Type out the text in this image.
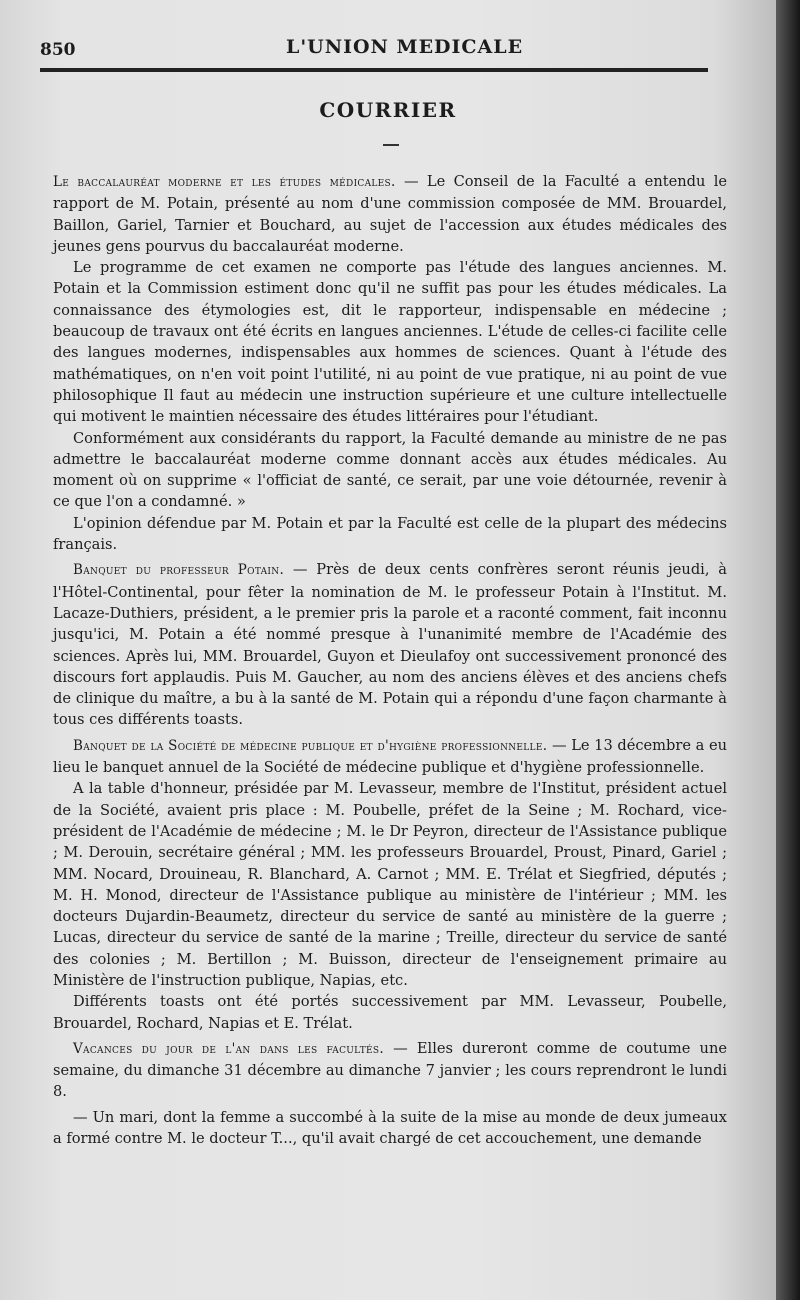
850	L'UNION MEDICALE
COURRIER

Le baccalauréat moderne et les études médicales. — Le Conseil de la Faculté a entendu le rapport de M. Potain, présenté au nom d'une commission composée de MM. Brouardel, Baillon, Gariel, Tarnier et Bouchard, au sujet de l'accession aux études médicales des jeunes gens pourvus du baccalauréat moderne.

Le programme de cet examen ne comporte pas l'étude des langues anciennes. M. Potain et la Commission estiment donc qu'il ne suffit pas pour les études médicales. La connaissance des étymologies est, dit le rapporteur, indispensable en médecine ; beaucoup de travaux ont été écrits en langues anciennes. L'étude de celles-ci facilite celle des langues modernes, indispensables aux hommes de sciences. Quant à l'étude des mathématiques, on n'en voit point l'utilité, ni au point de vue pratique, ni au point de vue philosophique Il faut au médecin une instruction supérieure et une culture intellectuelle qui motivent le maintien nécessaire des études littéraires pour l'étudiant.

Conformément aux considérants du rapport, la Faculté demande au ministre de ne pas admettre le baccalauréat moderne comme donnant accès aux études médicales. Au moment où on supprime « l'officiat de santé, ce serait, par une voie détournée, revenir à ce que l'on a condamné. »

L'opinion défendue par M. Potain et par la Faculté est celle de la plupart des médecins français.

Banquet du professeur Potain. — Près de deux cents confrères seront réunis jeudi, à l'Hôtel-Continental, pour fêter la nomination de M. le professeur Potain à l'Institut. M. Lacaze-Duthiers, président, a le premier pris la parole et a raconté comment, fait inconnu jusqu'ici, M. Potain a été nommé presque à l'unanimité membre de l'Académie des sciences. Après lui, MM. Brouardel, Guyon et Dieulafoy ont successivement prononcé des discours fort applaudis. Puis M. Gaucher, au nom des anciens élèves et des anciens chefs de clinique du maître, a bu à la santé de M. Potain qui a répondu d'une façon charmante à tous ces différents toasts.

Banquet de la Société de médecine publique et d'hygiène professionnelle. — Le 13 décembre a eu lieu le banquet annuel de la Société de médecine publique et d'hygiène professionnelle.

A la table d'honneur, présidée par M. Levasseur, membre de l'Institut, président actuel de la Société, avaient pris place : M. Poubelle, préfet de la Seine ; M. Rochard, vice-président de l'Académie de médecine ; M. le Dr Peyron, directeur de l'Assistance publique ; M. Derouin, secrétaire général ; MM. les professeurs Brouardel, Proust, Pinard, Gariel ; MM. Nocard, Drouineau, R. Blanchard, A. Carnot ; MM. E. Trélat et Siegfried, députés ; M. H. Monod, directeur de l'Assistance publique au ministère de l'intérieur ; MM. les docteurs Dujardin-Beaumetz, directeur du service de santé au ministère de la guerre ; Lucas, directeur du service de santé de la marine ; Treille, directeur du service de santé des colonies ; M. Bertillon ; M. Buisson, directeur de l'enseignement primaire au Ministère de l'instruction publique, Napias, etc.

Différents toasts ont été portés successivement par MM. Levasseur, Poubelle, Brouardel, Rochard, Napias et E. Trélat.

Vacances du jour de l'an dans les facultés. — Elles dureront comme de coutume une semaine, du dimanche 31 décembre au dimanche 7 janvier ; les cours reprendront le lundi 8.

— Un mari, dont la femme a succombé à la suite de la mise au monde de deux jumeaux a formé contre M. le docteur T..., qu'il avait chargé de cet accouchement, une demande
